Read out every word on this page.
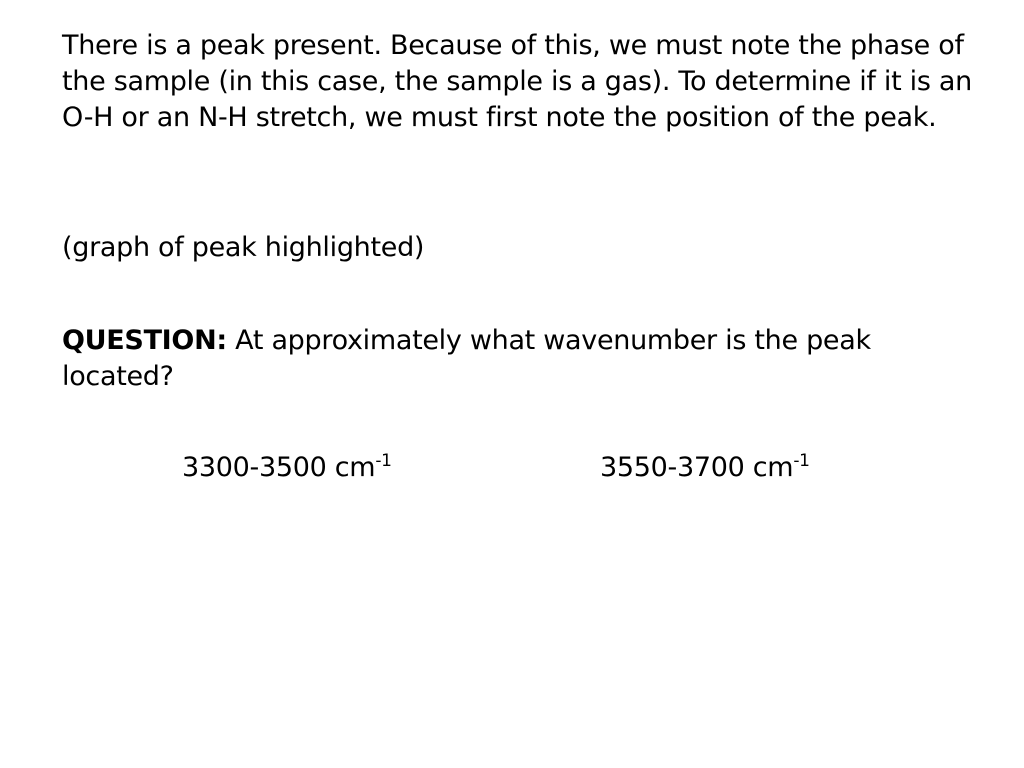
There is a peak present. Because of this, we must note the phase of the sample (in this case, the sample is a gas). To determine if it is an O-H or an N-H stretch, we must first note the position of the peak.

(graph of peak highlighted)

QUESTION: At approximately what wavenumber is the peak located?

3300-3500 $cm^{-1}$	3550-3700 $cm^{-1}$
